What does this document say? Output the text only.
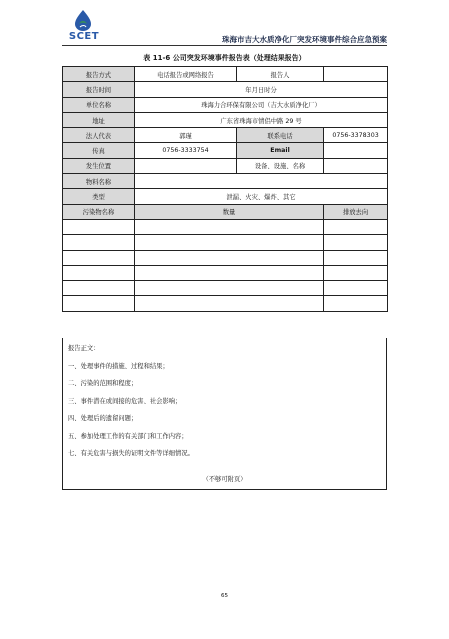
SCET	珠海市吉大水质净化厂突发环境事件综合应急预案
表 11-6 公司突发环境事件报告表（处理结果报告）
报告方式	电话报告或网络报告	报告人	
报告时间	年月日时分		
单位名称	珠海力合环保有限公司（吉大水质净化厂）		
地址	广东省珠海市情侣中路 29 号		
法人代表	郭瑾	联系电话	0756-3378303
传真	0756-3333754	Email	
发生位置		设备、设施、名称	
物料名称			
类型	泄漏、火灾、爆炸、其它		
污染物名称	数量		排放去向

报告正文：
一、处理事件的措施、过程和结果；
二、污染的范围和程度；
三、事件潜在或间接的危害、社会影响；
四、处理后的遗留问题；
五、参加处理工作的有关部门和工作内容；
七、有关危害与损失的证明文件等详细情况。
（不够可附页）
65
